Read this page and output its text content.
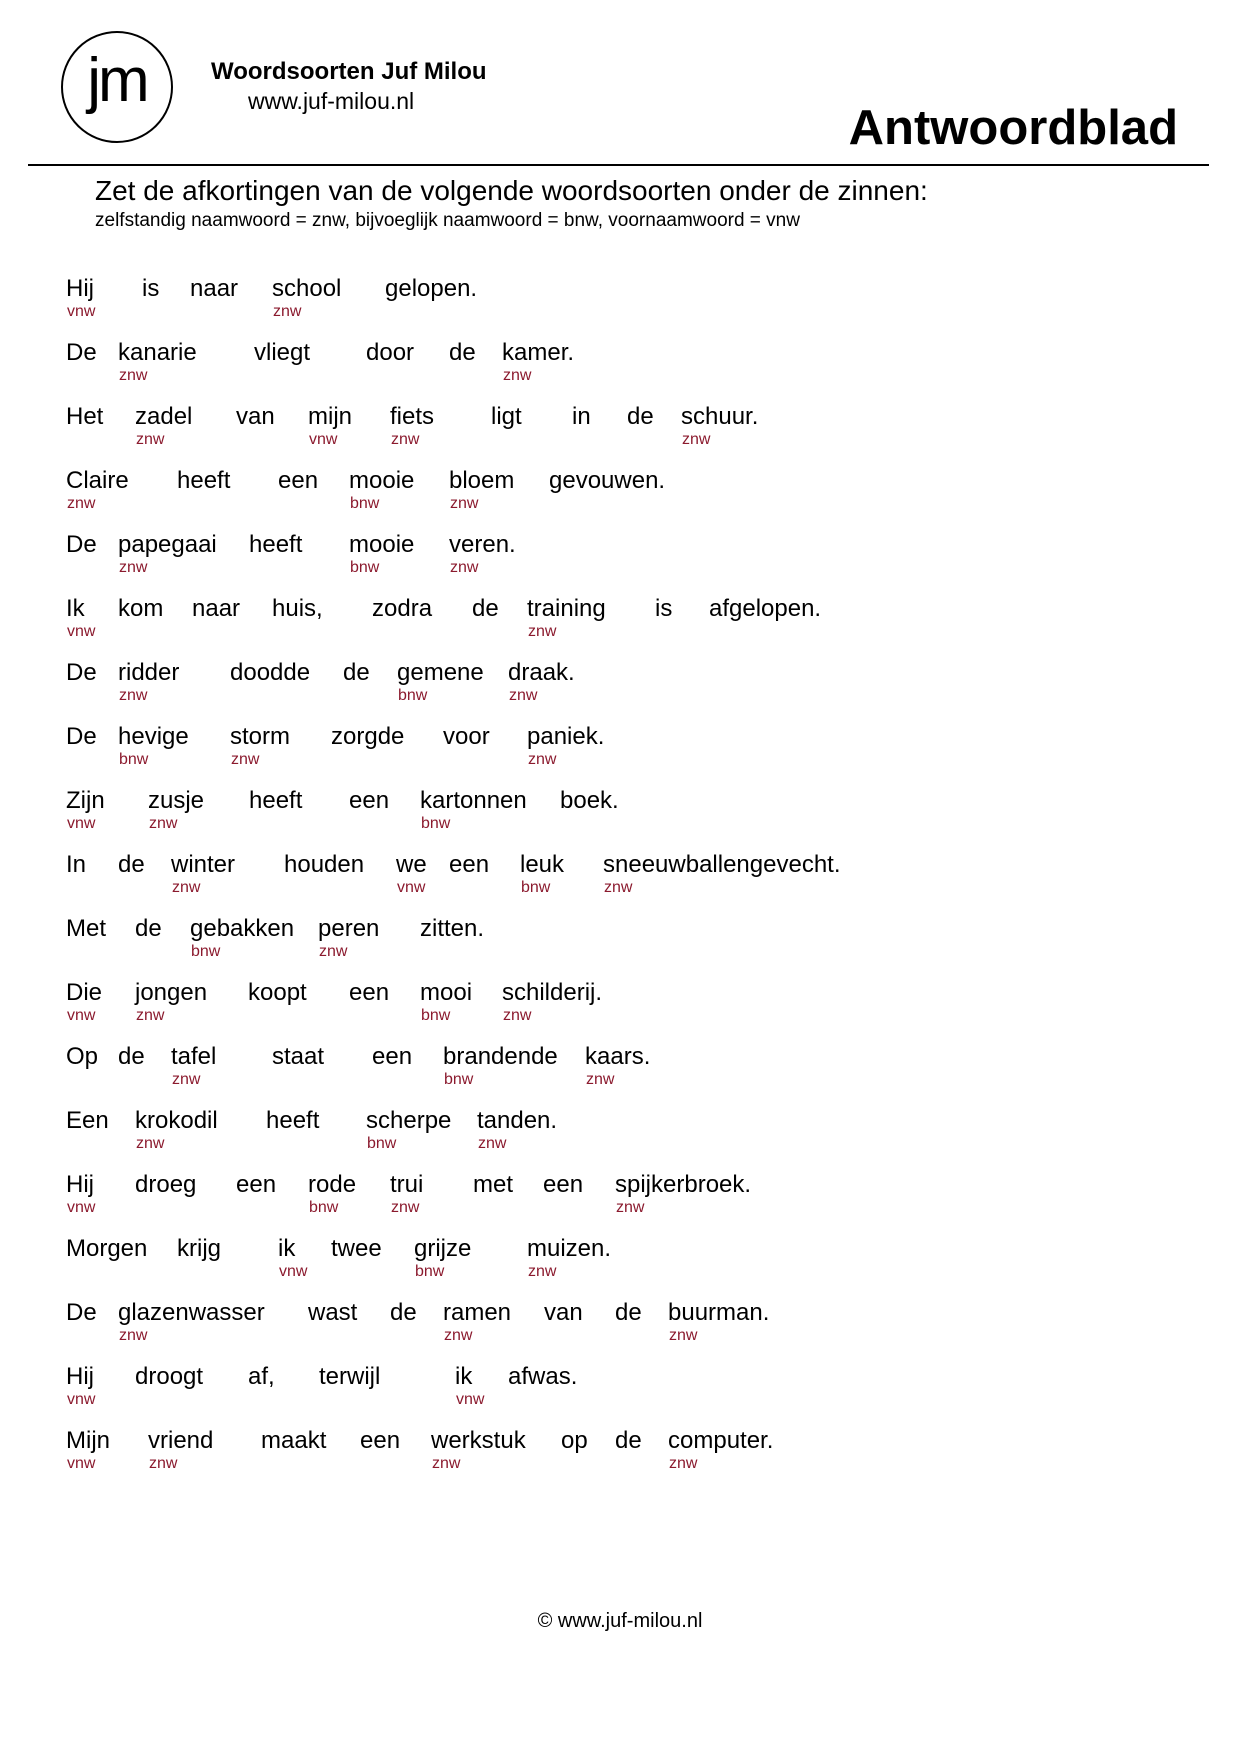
jm	Woordsoorten Juf Milou
www.juf-milou.nl	Antwoordblad
Zet de afkortingen van de volgende woordsoorten onder de zinnen:
zelfstandig naamwoord = znw, bijvoeglijk naamwoord = bnw, voornaamwoord = vnw
Hij
vnw
is naar school
znw
gelopen.
De kanarie
znw
vliegt door de kamer.
znw
Het zadel
znw
van mijn
vnw
fiets
znw
ligt in de schuur.
znw
Claire
znw
heeft een mooie
bnw
bloem
znw
gevouwen.
De papegaai
znw
heeft mooie
bnw
veren.
znw
Ik
vnw
kom naar huis, zodra de training
znw
is afgelopen.
De ridder
znw
doodde de gemene
bnw
draak.
znw
De hevige
bnw
storm
znw
zorgde voor paniek.
znw
Zijn
vnw
zusje
znw
heeft een kartonnen
bnw
boek.
In de winter
znw
houden we
vnw
een leuk
bnw
sneeuwballengevecht.
znw
Met de gebakken
bnw
peren
znw
zitten.
Die
vnw
jongen
znw
koopt een mooi
bnw
schilderij.
znw
Op de tafel
znw
staat een brandende
bnw
kaars.
znw
Een krokodil
znw
heeft scherpe
bnw
tanden.
znw
Hij
vnw
droeg een rode
bnw
trui
znw
met een spijkerbroek.
znw
Morgen krijg ik
vnw
twee grijze
bnw
muizen.
znw
De glazenwasser
znw
wast de ramen
znw
van de buurman.
znw
Hij
vnw
droogt af, terwijl	ik
vnw
afwas.
Mijn
vnw
vriend
znw
maakt een werkstuk
znw
op de computer.
znw
© www.juf-milou.nl
